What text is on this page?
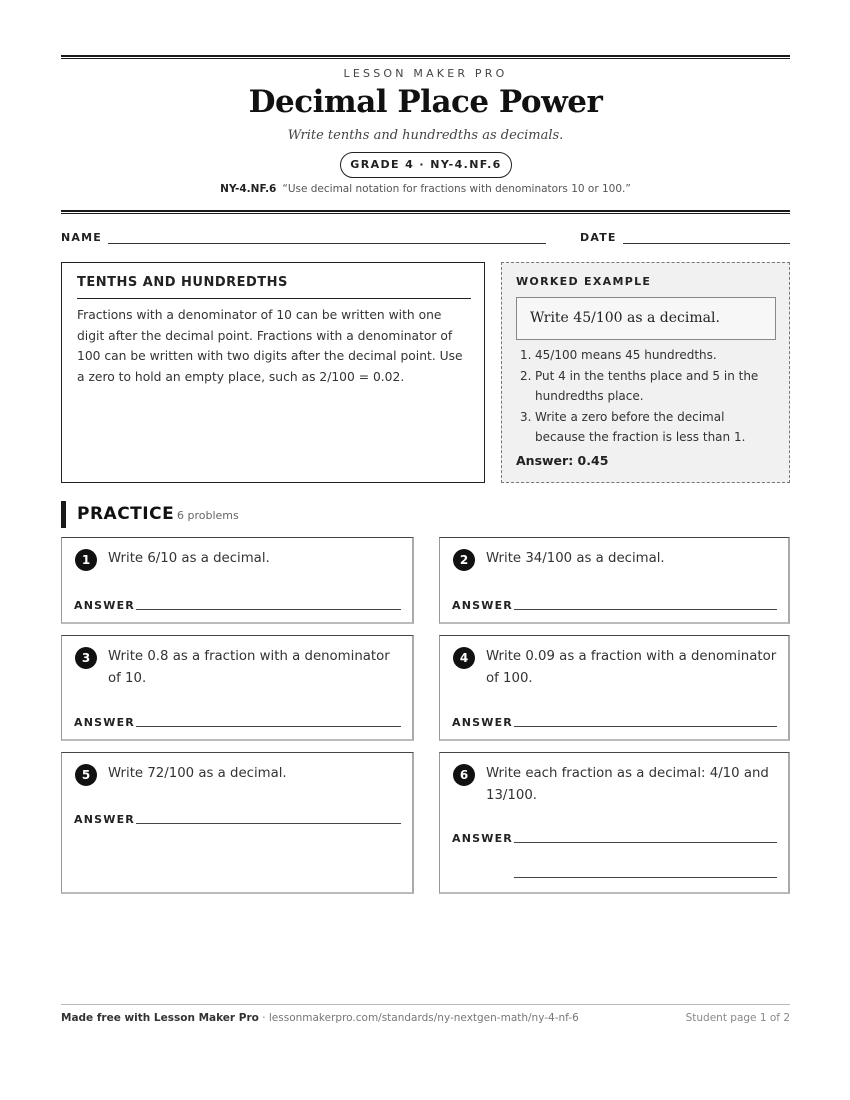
LESSON MAKER PRO
Decimal Place Power
Write tenths and hundredths as decimals.
GRADE 4 · NY-4.NF.6
NY-4.NF.6 “Use decimal notation for fractions with denominators 10 or 100.”
NAME	DATE
TENTHS AND HUNDREDTHS
Fractions with a denominator of 10 can be written with one digit after the decimal point. Fractions with a denominator of 100 can be written with two digits after the decimal point. Use a zero to hold an empty place, such as 2/100 = 0.02.
WORKED EXAMPLE
Write 45/100 as a decimal.
1. 45/100 means 45 hundredths.
2. Put 4 in the tenths place and 5 in the hundredths place.
3. Write a zero before the decimal because the fraction is less than 1.
Answer: 0.45
PRACTICE 6 problems
1	Write 6/10 as a decimal.
ANSWER
2	Write 34/100 as a decimal.
ANSWER
3	Write 0.8 as a fraction with a denominator of 10.
ANSWER
4	Write 0.09 as a fraction with a denominator of 100.
ANSWER
5	Write 72/100 as a decimal.
ANSWER
6	Write each fraction as a decimal: 4/10 and 13/100.
ANSWER
Made free with Lesson Maker Pro · lessonmakerpro.com/standards/ny-nextgen-math/ny-4-nf-6	Student page 1 of 2
